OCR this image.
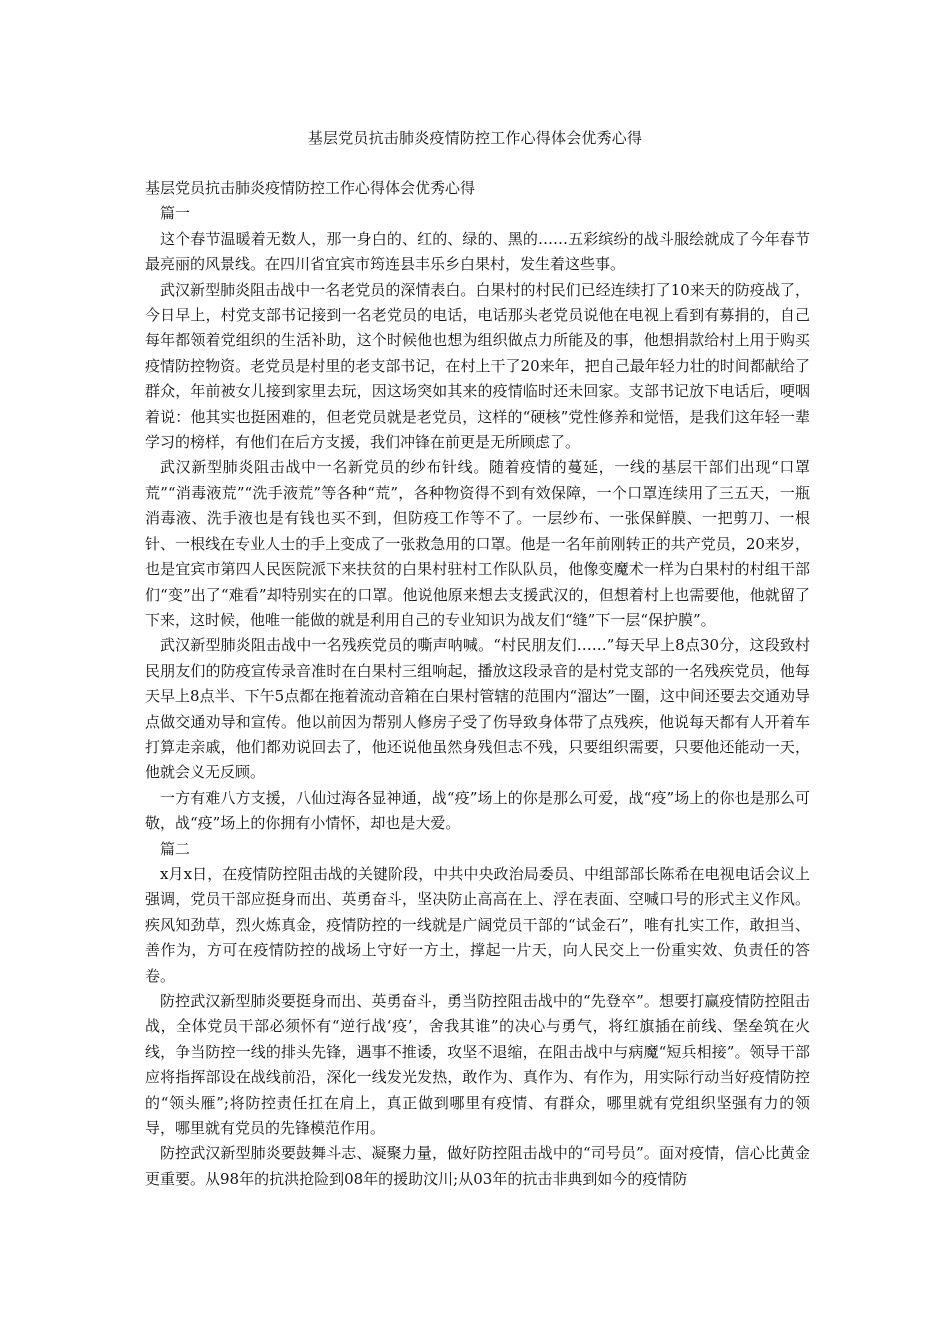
基层党员抗击肺炎疫情防控工作心得体会优秀心得

基层党员抗击肺炎疫情防控工作心得体会优秀心得

篇一

这个春节温暖着无数人，那一身白的、红的、绿的、黑的……五彩缤纷的战斗服绘就成了今年春节最亮丽的风景线。在四川省宜宾市筠连县丰乐乡白果村，发生着这些事。

武汉新型肺炎阻击战中一名老党员的深情表白。白果村的村民们已经连续打了10来天的防疫战了，今日早上，村党支部书记接到一名老党员的电话，电话那头老党员说他在电视上看到有募捐的，自己每年都领着党组织的生活补助，这个时候他也想为组织做点力所能及的事，他想捐款给村上用于购买疫情防控物资。老党员是村里的老支部书记，在村上干了20来年，把自己最年轻力壮的时间都献给了群众，年前被女儿接到家里去玩，因这场突如其来的疫情临时还未回家。支部书记放下电话后，哽咽着说：他其实也挺困难的，但老党员就是老党员，这样的“硬核”党性修养和觉悟，是我们这年轻一辈学习的榜样，有他们在后方支援，我们冲锋在前更是无所顾虑了。

武汉新型肺炎阻击战中一名新党员的纱布针线。随着疫情的蔓延，一线的基层干部们出现“口罩荒”“消毒液荒”“洗手液荒”等各种“荒”，各种物资得不到有效保障，一个口罩连续用了三五天，一瓶消毒液、洗手液也是有钱也买不到，但防疫工作等不了。一层纱布、一张保鲜膜、一把剪刀、一根针、一根线在专业人士的手上变成了一张救急用的口罩。他是一名年前刚转正的共产党员，20来岁，也是宜宾市第四人民医院派下来扶贫的白果村驻村工作队队员，他像变魔术一样为白果村的村组干部们“变”出了“难看”却特别实在的口罩。他说他原来想去支援武汉的，但想着村上也需要他，他就留了下来，这时候，他唯一能做的就是利用自己的专业知识为战友们“缝”下一层“保护膜”。

武汉新型肺炎阻击战中一名残疾党员的嘶声呐喊。“村民朋友们……”每天早上8点30分，这段致村民朋友们的防疫宣传录音准时在白果村三组响起，播放这段录音的是村党支部的一名残疾党员，他每天早上8点半、下午5点都在拖着流动音箱在白果村管辖的范围内“溜达”一圈，这中间还要去交通劝导点做交通劝导和宣传。他以前因为帮别人修房子受了伤导致身体带了点残疾，他说每天都有人开着车打算走亲戚，他们都劝说回去了，他还说他虽然身残但志不残，只要组织需要，只要他还能动一天，他就会义无反顾。

一方有难八方支援，八仙过海各显神通，战“疫”场上的你是那么可爱，战“疫”场上的你也是那么可敬，战“疫”场上的你拥有小情怀，却也是大爱。

篇二

x月x日，在疫情防控阻击战的关键阶段，中共中央政治局委员、中组部部长陈希在电视电话会议上强调，党员干部应挺身而出、英勇奋斗，坚决防止高高在上、浮在表面、空喊口号的形式主义作风。疾风知劲草，烈火炼真金，疫情防控的一线就是广阔党员干部的“试金石”，唯有扎实工作，敢担当、善作为，方可在疫情防控的战场上守好一方土，撑起一片天，向人民交上一份重实效、负责任的答卷。

防控武汉新型肺炎要挺身而出、英勇奋斗，勇当防控阻击战中的“先登卒”。想要打赢疫情防控阻击战，全体党员干部必须怀有“逆行战‘疫’，舍我其谁”的决心与勇气，将红旗插在前线、堡垒筑在火线，争当防控一线的排头先锋，遇事不推诿，攻坚不退缩，在阻击战中与病魔“短兵相接”。领导干部应将指挥部设在战线前沿，深化一线发光发热，敢作为、真作为、有作为，用实际行动当好疫情防控的“领头雁”;将防控责任扛在肩上，真正做到哪里有疫情、有群众，哪里就有党组织坚强有力的领导，哪里就有党员的先锋模范作用。

防控武汉新型肺炎要鼓舞斗志、凝聚力量，做好防控阻击战中的“司号员”。面对疫情，信心比黄金更重要。从98年的抗洪抢险到08年的援助汶川;从03年的抗击非典到如今的疫情防
